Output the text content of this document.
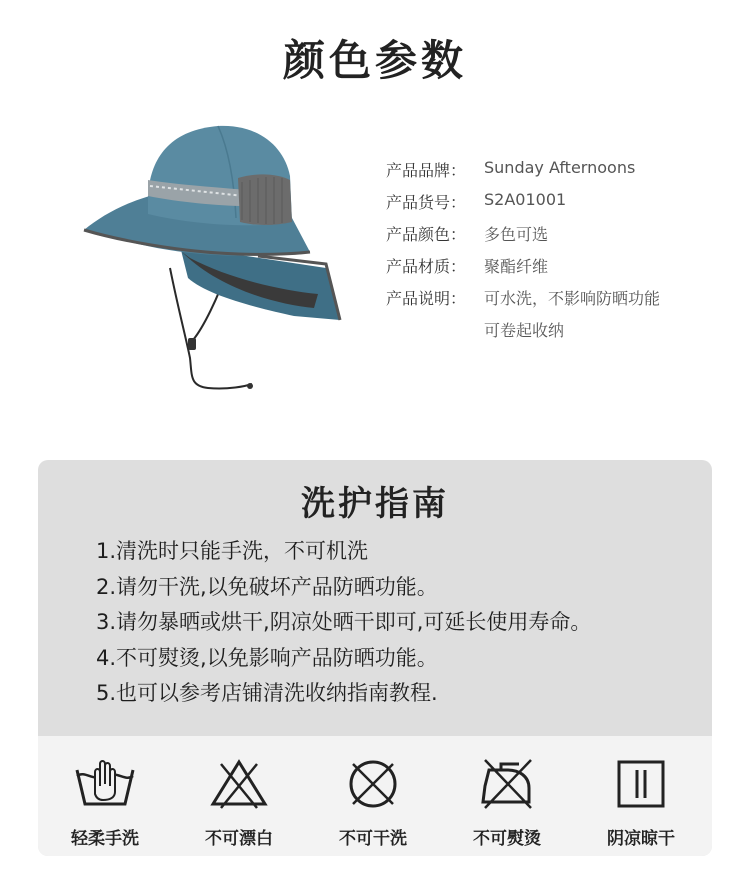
颜色参数
产品品牌：	Sunday Afternoons
产品货号：	S2A01001
产品颜色：	多色可选
产品材质：	聚酯纤维
产品说明：	可水洗，不影响防晒功能
可卷起收纳
洗护指南
1.清洗时只能手洗，不可机洗
2.请勿干洗,以免破坏产品防晒功能。
3.请勿暴晒或烘干,阴凉处晒干即可,可延长使用寿命。
4.不可熨烫,以免影响产品防晒功能。
5.也可以参考店铺清洗收纳指南教程.
轻柔手洗	不可漂白	不可干洗	不可熨烫	阴凉晾干
